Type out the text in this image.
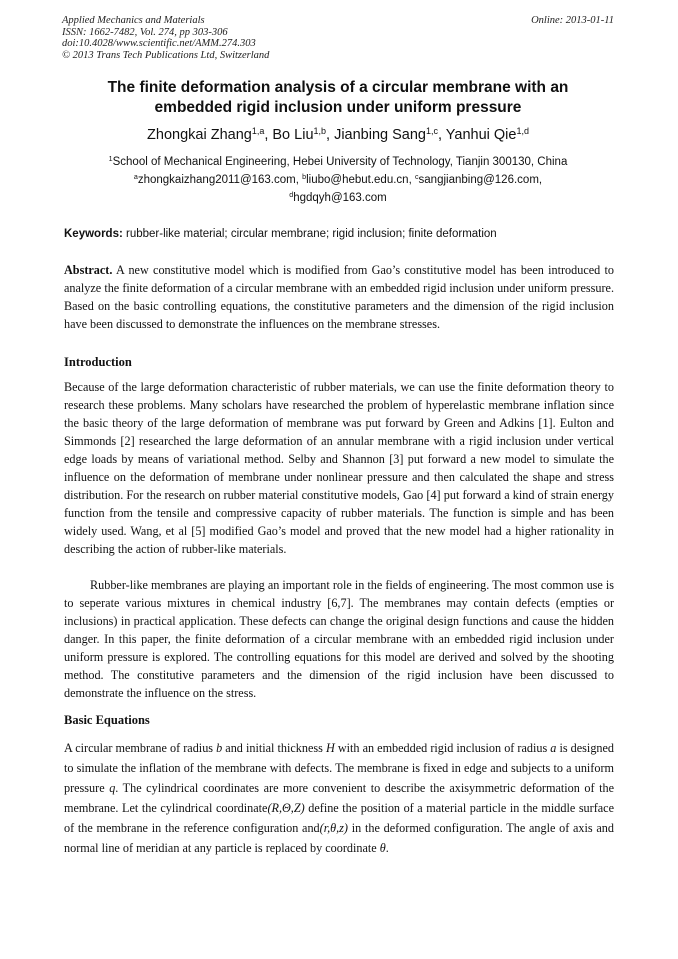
Applied Mechanics and Materials	Online: 2013-01-11
ISSN: 1662-7482, Vol. 274, pp 303-306
doi:10.4028/www.scientific.net/AMM.274.303
© 2013 Trans Tech Publications Ltd, Switzerland
The finite deformation analysis of a circular membrane with an
embedded rigid inclusion under uniform pressure
Zhongkai Zhang$^{1,a}$, Bo Liu$^{1,b}$, Jianbing Sang$^{1,c}$, Yanhui Qie$^{1,d}$
$^1$School of Mechanical Engineering, Hebei University of Technology, Tianjin 300130, China
$^a$zhongkaizhang2011@163.com, $^b$liubo@hebut.edu.cn, $^c$sangjianbing@126.com,
$^d$hgdqyh@163.com
Keywords: rubber-like material; circular membrane; rigid inclusion; finite deformation
Abstract. A new constitutive model which is modified from Gao’s constitutive model has been introduced to analyze the finite deformation of a circular membrane with an embedded rigid inclusion under uniform pressure. Based on the basic controlling equations, the constitutive parameters and the dimension of the rigid inclusion have been discussed to demonstrate the influences on the membrane stresses.
Introduction
Because of the large deformation characteristic of rubber materials, we can use the finite deformation theory to research these problems. Many scholars have researched the problem of hyperelastic membrane inflation since the basic theory of the large deformation of membrane was put forward by Green and Adkins [1]. Eulton and Simmonds [2] researched the large deformation of an annular membrane with a rigid inclusion under vertical edge loads by means of variational method. Selby and Shannon [3] put forward a new model to simulate the influence on the deformation of membrane under nonlinear pressure and then calculated the shape and stress distribution. For the research on rubber material constitutive models, Gao [4] put forward a kind of strain energy function from the tensile and compressive capacity of rubber materials. The function is simple and has been widely used. Wang, et al [5] modified Gao’s model and proved that the new model had a higher rationality in describing the action of rubber-like materials.
Rubber-like membranes are playing an important role in the fields of engineering. The most common use is to seperate various mixtures in chemical industry [6,7]. The membranes may contain defects (empties or inclusions) in practical application. These defects can change the original design functions and cause the hidden danger. In this paper, the finite deformation of a circular membrane with an embedded rigid inclusion under uniform pressure is explored. The controlling equations for this model are derived and solved by the shooting method. The constitutive parameters and the dimension of the rigid inclusion have been discussed to demonstrate the influence on the stress.
Basic Equations
A circular membrane of radius b and initial thickness H with an embedded rigid inclusion of radius a is designed to simulate the inflation of the membrane with defects. The membrane is fixed in edge and subjects to a uniform pressure q. The cylindrical coordinates are more convenient to describe the axisymmetric deformation of the membrane. Let the cylindrical coordinate(R,Θ,Z) define the position of a material particle in the middle surface of the membrane in the reference configuration and(r,θ,z) in the deformed configuration. The angle of axis and normal line of meridian at any particle is replaced by coordinate θ.
